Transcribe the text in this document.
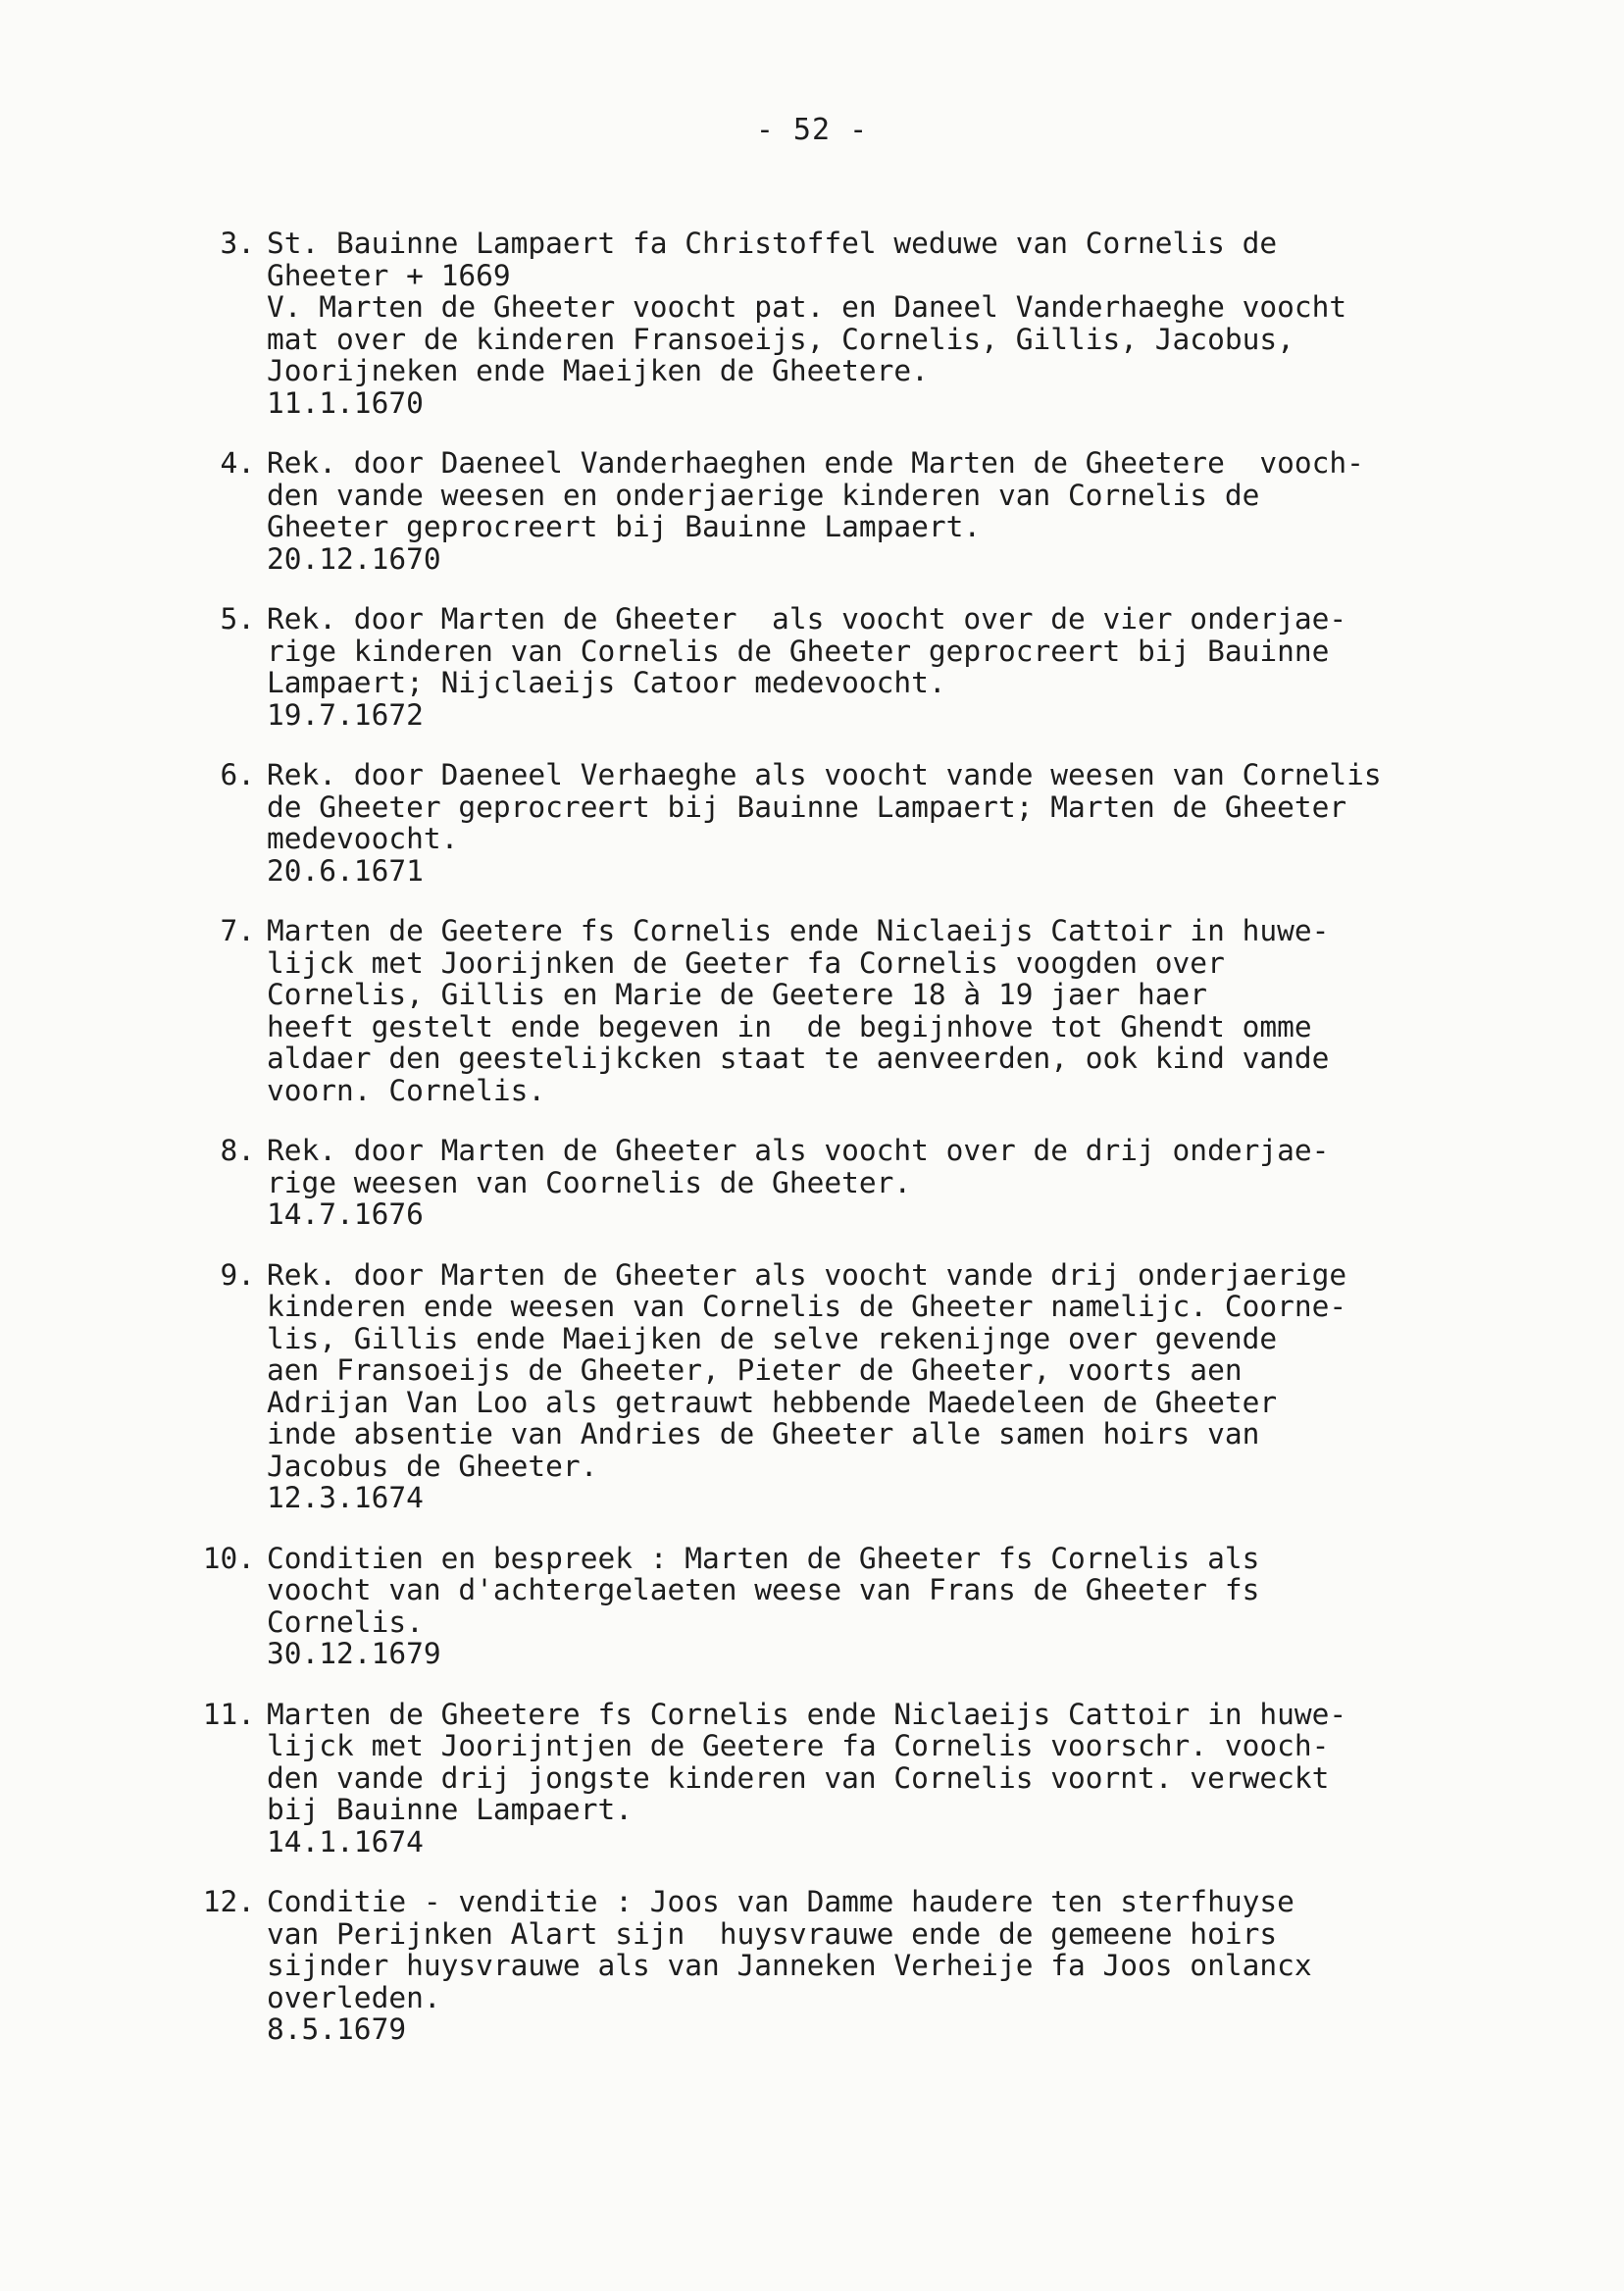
- 52 -
3. St. Bauinne Lampaert fa Christoffel weduwe van Cornelis de
Gheeter + 1669
V. Marten de Gheeter voocht pat. en Daneel Vanderhaeghe voocht
mat over de kinderen Fransoeijs, Cornelis, Gillis, Jacobus,
Joorijneken ende Maeijken de Gheetere.
11.1.1670
4. Rek. door Daeneel Vanderhaeghen ende Marten de Gheetere  vooch-
den vande weesen en onderjaerige kinderen van Cornelis de
Gheeter geprocreert bij Bauinne Lampaert.
20.12.1670
5. Rek. door Marten de Gheeter  als voocht over de vier onderjae-
rige kinderen van Cornelis de Gheeter geprocreert bij Bauinne
Lampaert; Nijclaeijs Catoor medevoocht.
19.7.1672
6. Rek. door Daeneel Verhaeghe als voocht vande weesen van Cornelis
de Gheeter geprocreert bij Bauinne Lampaert; Marten de Gheeter
medevoocht.
20.6.1671
7. Marten de Geetere fs Cornelis ende Niclaeijs Cattoir in huwe-
lijck met Joorijnken de Geeter fa Cornelis voogden over
Cornelis, Gillis en Marie de Geetere 18 à 19 jaer haer
heeft gestelt ende begeven in  de begijnhove tot Ghendt omme
aldaer den geestelijkcken staat te aenveerden, ook kind vande
voorn. Cornelis.
8. Rek. door Marten de Gheeter als voocht over de drij onderjae-
rige weesen van Coornelis de Gheeter.
14.7.1676
9. Rek. door Marten de Gheeter als voocht vande drij onderjaerige
kinderen ende weesen van Cornelis de Gheeter namelijc. Coorne-
lis, Gillis ende Maeijken de selve rekenijnge over gevende
aen Fransoeijs de Gheeter, Pieter de Gheeter, voorts aen
Adrijan Van Loo als getrauwt hebbende Maedeleen de Gheeter
inde absentie van Andries de Gheeter alle samen hoirs van
Jacobus de Gheeter.
12.3.1674
10. Conditien en bespreek : Marten de Gheeter fs Cornelis als
voocht van d'achtergelaeten weese van Frans de Gheeter fs
Cornelis.
30.12.1679
11. Marten de Gheetere fs Cornelis ende Niclaeijs Cattoir in huwe-
lijck met Joorijntjen de Geetere fa Cornelis voorschr. vooch-
den vande drij jongste kinderen van Cornelis voornt. verweckt
bij Bauinne Lampaert.
14.1.1674
12. Conditie - venditie : Joos van Damme haudere ten sterfhuyse
van Perijnken Alart sijn  huysvrauwe ende de gemeene hoirs
sijnder huysvrauwe als van Janneken Verheije fa Joos onlancx
overleden.
8.5.1679
